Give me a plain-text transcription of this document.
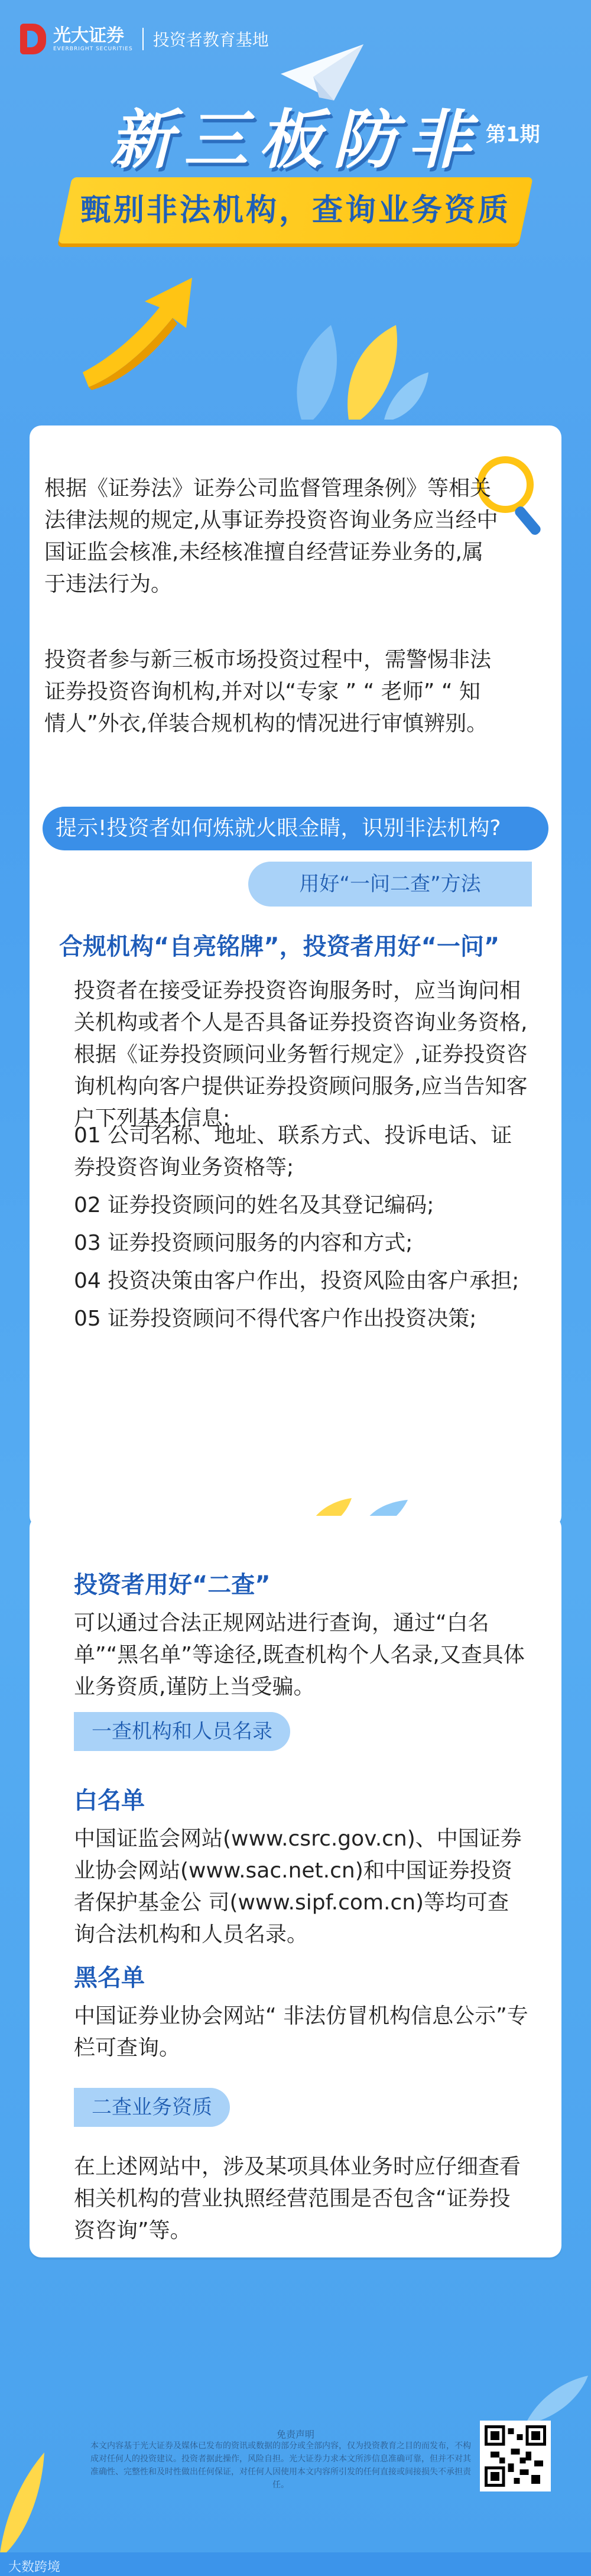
光大证券
EVERBRIGHT SECURITIES 投资者教育基地
新三板防非 第1期
甄别非法机构，查询业务资质
根据《证券法》证券公司监督管理条例》等相关法律法规的规定,从事证券投资咨询业务应当经中国证监会核准,未经核准擅自经营证券业务的,属于违法行为。
投资者参与新三板市场投资过程中，需警惕非法证券投资咨询机构,并对以“专家 ” “ 老师” “ 知情人”外衣,佯装合规机构的情况进行审慎辨别。
提示!投资者如何炼就火眼金睛，识别非法机构?
用好“一问二查”方法
合规机构“自亮铭牌”，投资者用好“一问”
投资者在接受证券投资咨询服务时，应当询问相关机构或者个人是否具备证券投资咨询业务资格,根据《证券投资顾问业务暂行规定》,证券投资咨询机构向客户提供证券投资顾问服务,应当告知客户下列基本信息:
01 公司名称、地址、联系方式、投诉电话、证券投资咨询业务资格等;
02 证券投资顾问的姓名及其登记编码;
03 证券投资顾问服务的内容和方式;
04 投资决策由客户作出，投资风险由客户承担;
05 证券投资顾问不得代客户作出投资决策;
投资者用好“二查”
可以通过合法正规网站进行查询，通过“白名单”“黑名单”等途径,既查机构个人名录,又查具体业务资质,谨防上当受骗。
一查机构和人员名录
白名单
中国证监会网站(www.csrc.gov.cn)、中国证券业协会网站(www.sac.net.cn)和中国证券投资者保护基金公 司(www.sipf.com.cn)等均可查询合法机构和人员名录。
黑名单
中国证券业协会网站“ 非法仿冒机构信息公示”专栏可查询。
二查业务资质
在上述网站中，涉及某项具体业务时应仔细查看相关机构的营业执照经营范围是否包含“证券投资咨询”等。
免责声明
本文内容基于光大证券及媒体已发布的资讯或数据的部分或全部内容，仅为投资教育之目的而发布，不构成对任何人的投资建议。投资者据此操作，风险自担。光大证券力求本文所涉信息准确可靠，但并不对其准确性、完整性和及时性做出任何保证，对任何人因使用本文内容所引发的任何直接或间接损失不承担责任。
大数跨境
